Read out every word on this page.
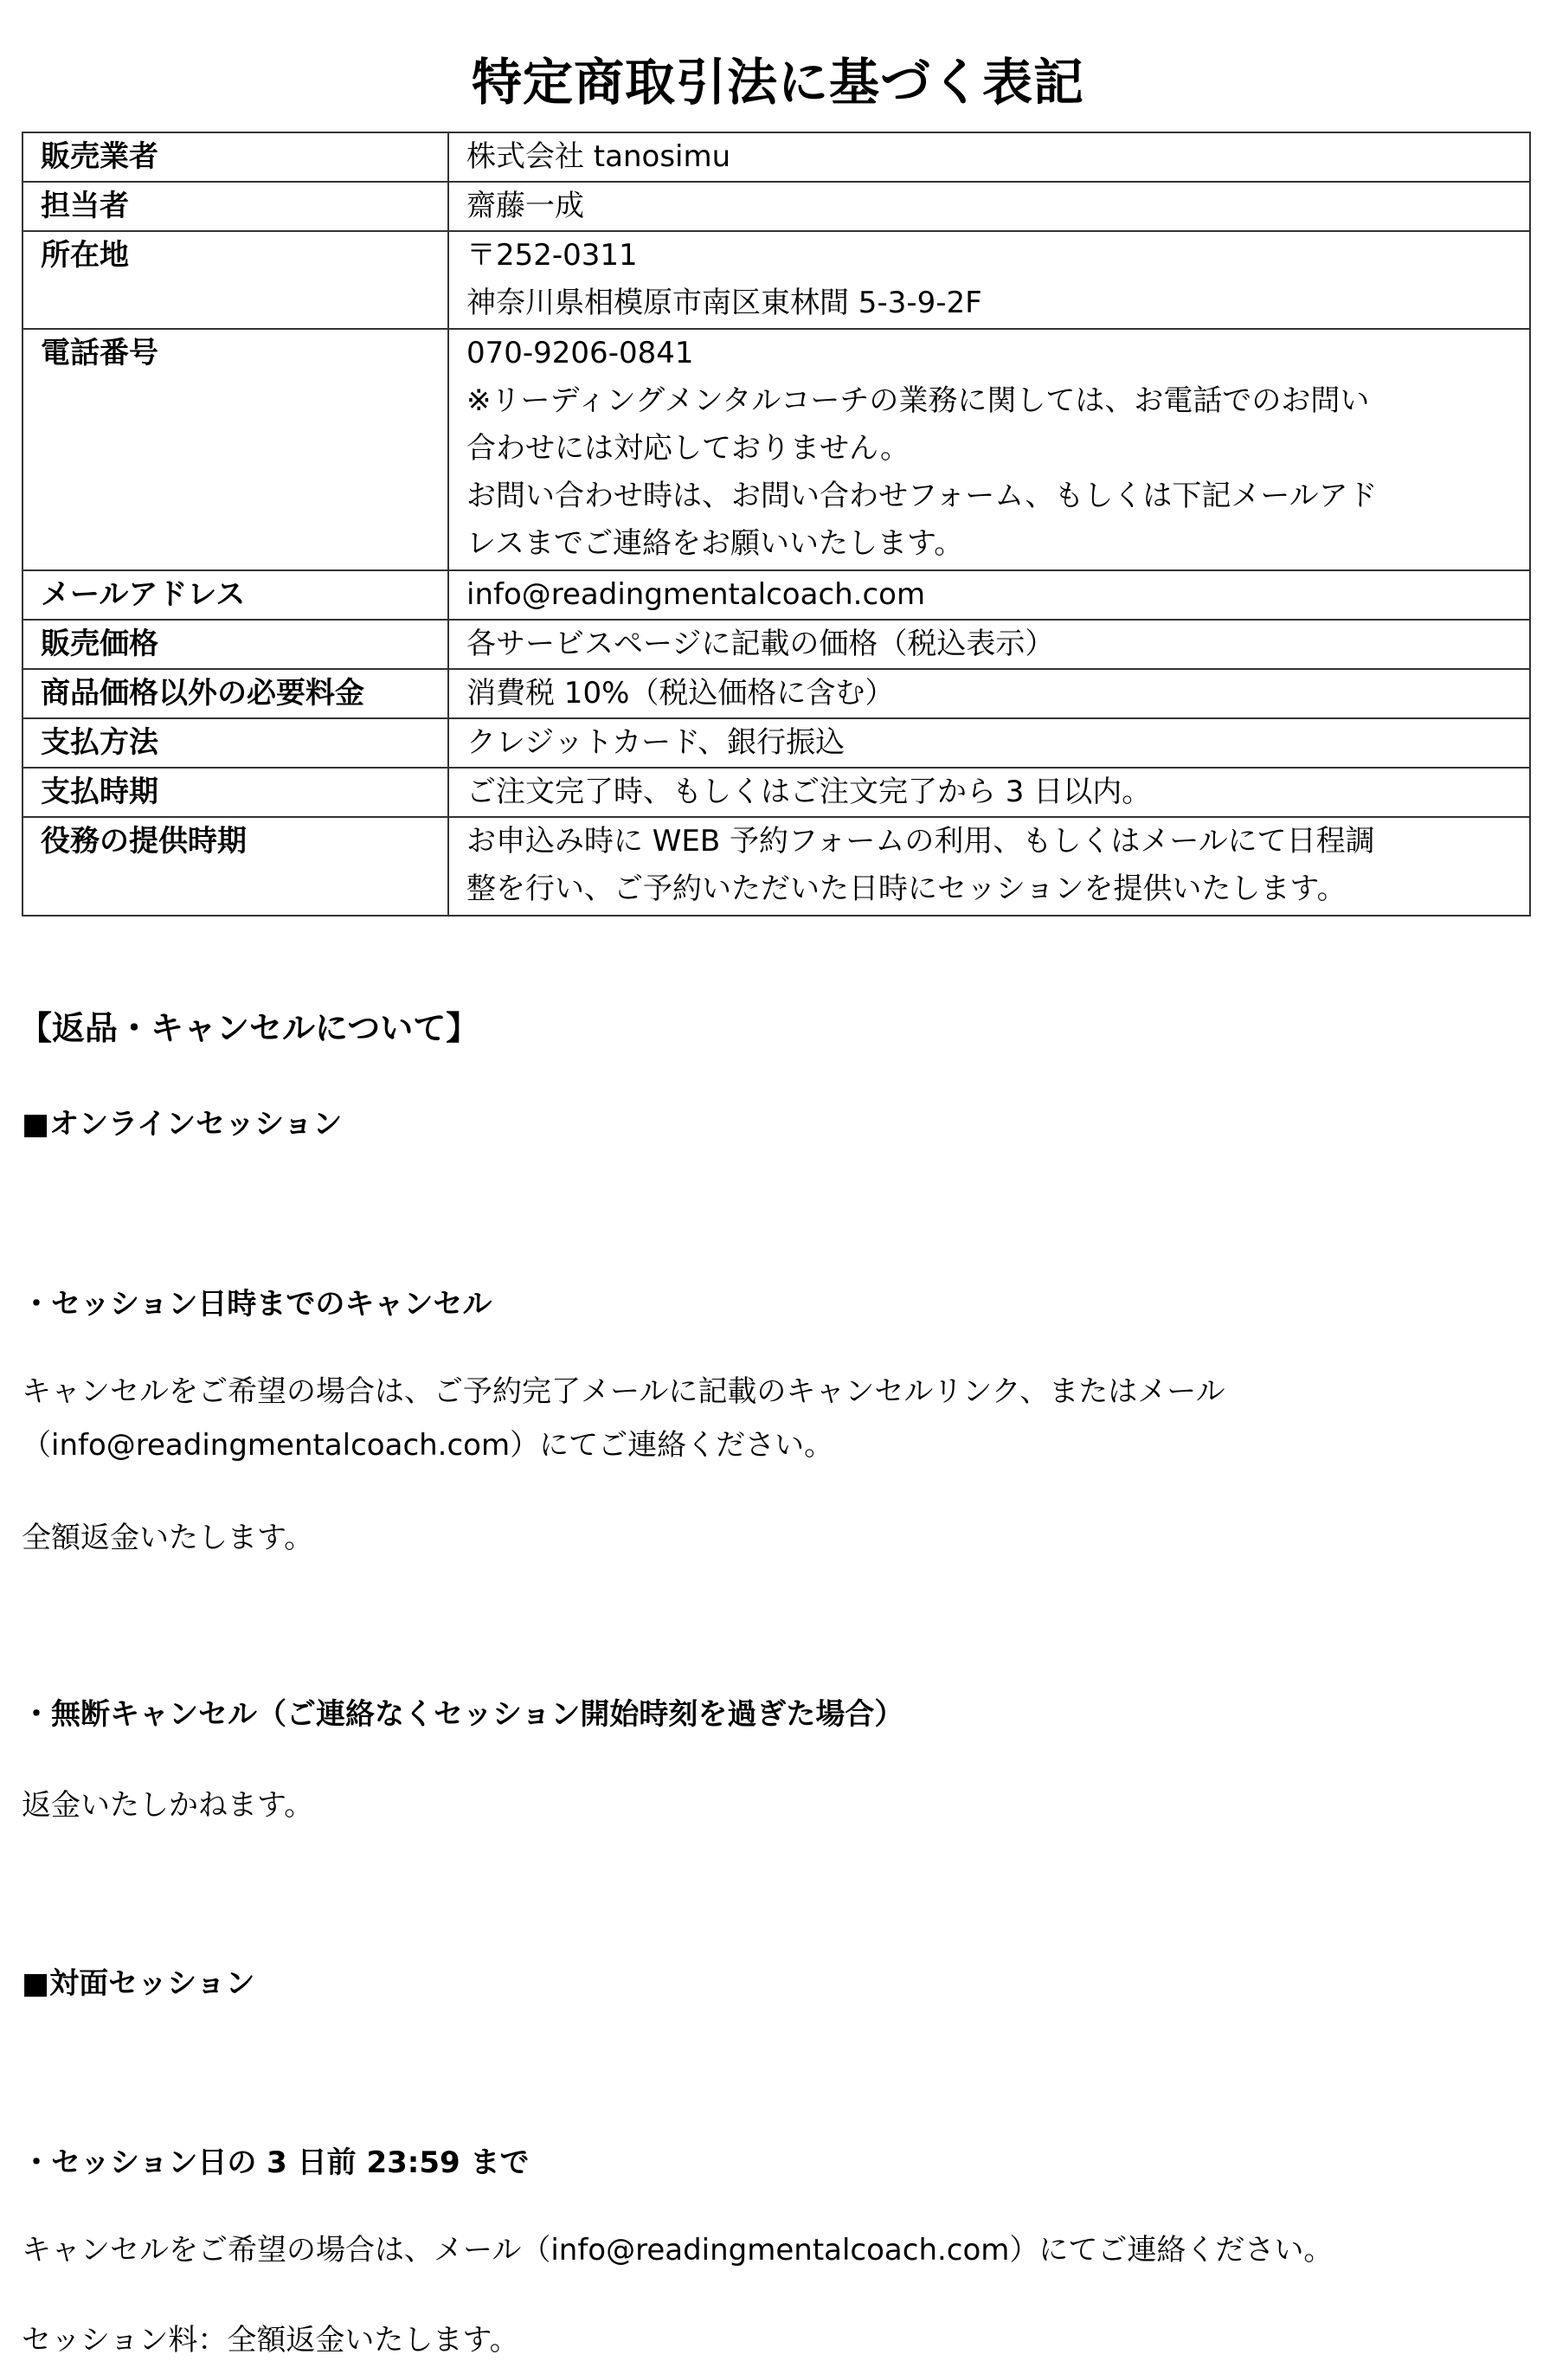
特定商取引法に基づく表記
販売業者	株式会社 tanosimu

担当者	齋藤一成

所在地	〒252-0311
神奈川県相模原市南区東林間 5-3-9-2F

電話番号	070-9206-0841
※リーディングメンタルコーチの業務に関しては、お電話でのお問い
合わせには対応しておりません。
お問い合わせ時は、お問い合わせフォーム、もしくは下記メールアド
レスまでご連絡をお願いいたします。

メールアドレス	info@readingmentalcoach.com

販売価格	各サービスページに記載の価格（税込表示）

商品価格以外の必要料金	消費税 10%（税込価格に含む）

支払方法	クレジットカード、銀行振込

支払時期	ご注文完了時、もしくはご注文完了から 3 日以内。

役務の提供時期	お申込み時に WEB 予約フォームの利用、もしくはメールにて日程調
整を行い、ご予約いただいた日時にセッションを提供いたします。
【返品・キャンセルについて】
■オンラインセッション
・セッション日時までのキャンセル
キャンセルをご希望の場合は、ご予約完了メールに記載のキャンセルリンク、またはメール
（info@readingmentalcoach.com）にてご連絡ください。
全額返金いたします。
・無断キャンセル（ご連絡なくセッション開始時刻を過ぎた場合）
返金いたしかねます。
■対面セッション
・セッション日の 3 日前 23:59 まで
キャンセルをご希望の場合は、メール（info@readingmentalcoach.com）にてご連絡ください。
セッション料：全額返金いたします。
